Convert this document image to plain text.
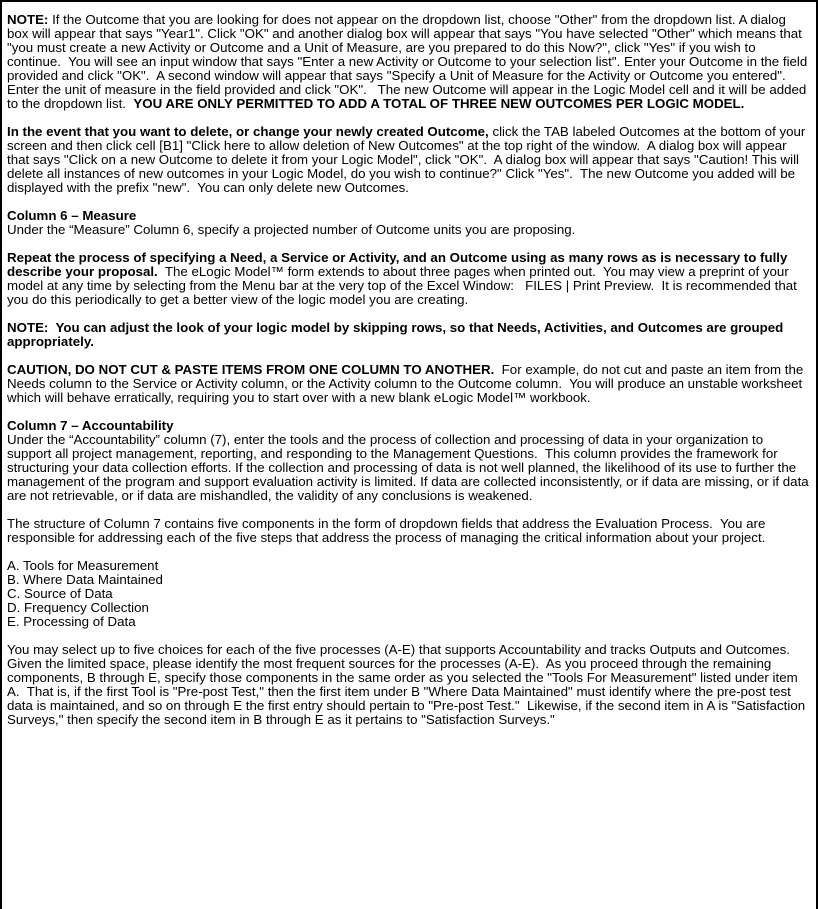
NOTE: If the Outcome that you are looking for does not appear on the dropdown list, choose "Other" from the dropdown list. A dialog box will appear that says "Year1". Click "OK" and another dialog box will appear that says "You have selected "Other" which means that "you must create a new Activity or Outcome and a Unit of Measure, are you prepared to do this Now?", click "Yes" if you wish to continue.  You will see an input window that says "Enter a new Activity or Outcome to your selection list". Enter your Outcome in the field provided and click "OK".  A second window will appear that says "Specify a Unit of Measure for the Activity or Outcome you entered". Enter the unit of measure in the field provided and click "OK".   The new Outcome will appear in the Logic Model cell and it will be added to the dropdown list.  YOU ARE ONLY PERMITTED TO ADD A TOTAL OF THREE NEW OUTCOMES PER LOGIC MODEL.
In the event that you want to delete, or change your newly created Outcome, click the TAB labeled Outcomes at the bottom of your screen and then click cell [B1] "Click here to allow deletion of New Outcomes" at the top right of the window.  A dialog box will appear that says "Click on a new Outcome to delete it from your Logic Model", click "OK".  A dialog box will appear that says "Caution! This will delete all instances of new outcomes in your Logic Model, do you wish to continue?" Click "Yes".  The new Outcome you added will be displayed with the prefix "new".  You can only delete new Outcomes.
Column 6 – Measure
Under the “Measure” Column 6, specify a projected number of Outcome units you are proposing.
Repeat the process of specifying a Need, a Service or Activity, and an Outcome using as many rows as is necessary to fully describe your proposal.  The eLogic Model™ form extends to about three pages when printed out.  You may view a preprint of your model at any time by selecting from the Menu bar at the very top of the Excel Window:   FILES | Print Preview.  It is recommended that you do this periodically to get a better view of the logic model you are creating.
NOTE:  You can adjust the look of your logic model by skipping rows, so that Needs, Activities, and Outcomes are grouped appropriately.
CAUTION, DO NOT CUT & PASTE ITEMS FROM ONE COLUMN TO ANOTHER.  For example, do not cut and paste an item from the Needs column to the Service or Activity column, or the Activity column to the Outcome column.  You will produce an unstable worksheet which will behave erratically, requiring you to start over with a new blank eLogic Model™ workbook.
Column 7 – Accountability
Under the “Accountability” column (7), enter the tools and the process of collection and processing of data in your organization to support all project management, reporting, and responding to the Management Questions.  This column provides the framework for structuring your data collection efforts. If the collection and processing of data is not well planned, the likelihood of its use to further the management of the program and support evaluation activity is limited. If data are collected inconsistently, or if data are missing, or if data are not retrievable, or if data are mishandled, the validity of any conclusions is weakened.
The structure of Column 7 contains five components in the form of dropdown fields that address the Evaluation Process.  You are responsible for addressing each of the five steps that address the process of managing the critical information about your project.
A. Tools for Measurement
B. Where Data Maintained
C. Source of Data
D. Frequency Collection
E. Processing of Data
You may select up to five choices for each of the five processes (A-E) that supports Accountability and tracks Outputs and Outcomes.  Given the limited space, please identify the most frequent sources for the processes (A-E).  As you proceed through the remaining components, B through E, specify those components in the same order as you selected the "Tools For Measurement" listed under item A.  That is, if the first Tool is "Pre-post Test," then the first item under B "Where Data Maintained" must identify where the pre-post test data is maintained, and so on through E the first entry should pertain to "Pre-post Test."  Likewise, if the second item in A is "Satisfaction Surveys," then specify the second item in B through E as it pertains to "Satisfaction Surveys."
